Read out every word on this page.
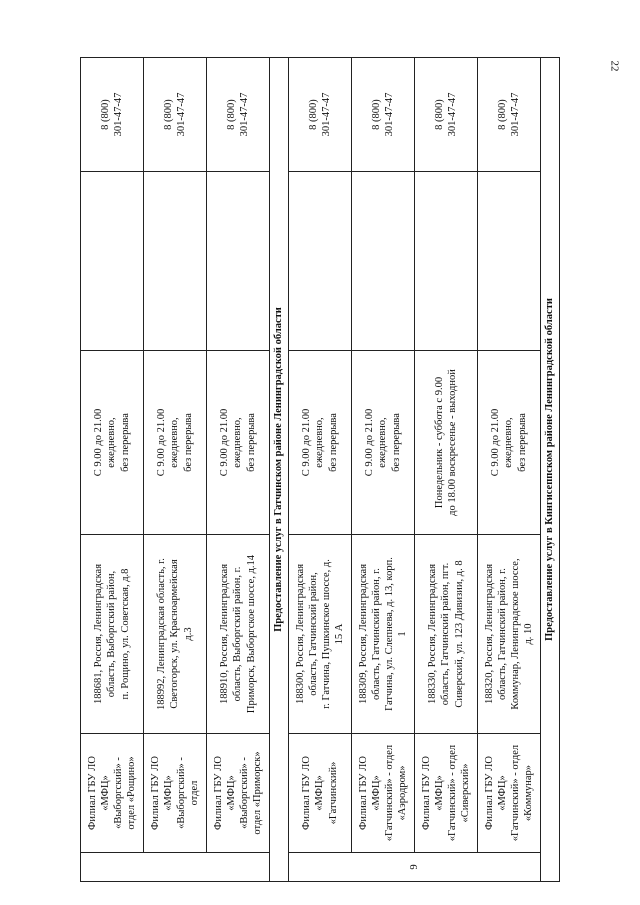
22

	Филиал ГБУ ЛО «МФЦ» «Выборгский» - отдел «Рощино»	188681, Россия, Ленинградская область, Выборгский район, п. Рощино, ул. Советская, д.8	С 9.00 до 21.00 ежедневно, без перерыва		8 (800) 301-47-47

	Филиал ГБУ ЛО «МФЦ» «Выборгский» - отдел	188992, Ленинградская область, г. Светогорск, ул. Красноармейская д.3	С 9.00 до 21.00 ежедневно, без перерыва		8 (800) 301-47-47

	Филиал ГБУ ЛО «МФЦ» «Выборгский» - отдел «Приморск»	188910, Россия, Ленинградская область, Выборгский район, г. Приморск, Выборгское шоссе, д.14	С 9.00 до 21.00 ежедневно, без перерыва		8 (800) 301-47-47

Предоставление услуг в Гатчинском районе Ленинградской области					
9	Филиал ГБУ ЛО «МФЦ» «Гатчинский»	188300, Россия, Ленинградская область, Гатчинский район, г. Гатчина, Пушкинское шоссе, д. 15 А	С 9.00 до 21.00 ежедневно, без перерыва		8 (800) 301-47-47

	Филиал ГБУ ЛО «МФЦ» «Гатчинский» - отдел «Аэродром»	188309, Россия, Ленинградская область, Гатчинский район, г. Гатчина, ул. Слепнева, д. 13, корп. 1	С 9.00 до 21.00 ежедневно, без перерыва		8 (800) 301-47-47

	Филиал ГБУ ЛО «МФЦ» «Гатчинский» - отдел «Сиверский»	188330, Россия, Ленинградская область, Гатчинский район, пгт. Сиверский, ул. 123 Дивизии, д. 8	Понедельник - суббота с 9.00 до 18.00 воскресенье - выходной		8 (800) 301-47-47

	Филиал ГБУ ЛО «МФЦ» «Гатчинский» - отдел «Коммунар»	188320, Россия, Ленинградская область, Гатчинский район, г. Коммунар, Ленинградское шоссе, д. 10	С 9.00 до 21.00 ежедневно, без перерыва		8 (800) 301-47-47

Предоставление услуг в Кингисеппском районе Ленинградской области					
